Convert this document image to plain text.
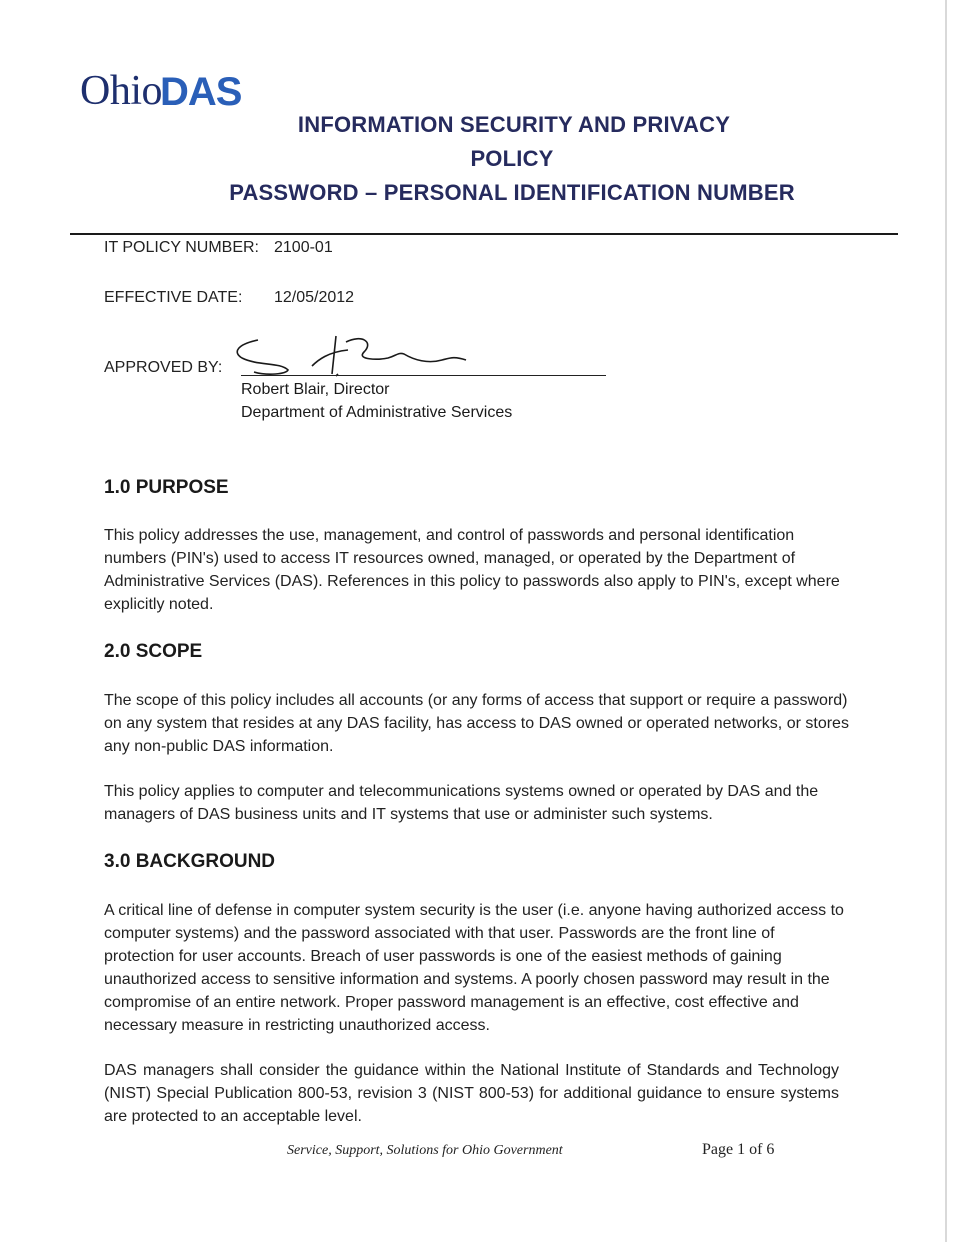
Ohio
DAS
INFORMATION SECURITY AND PRIVACY
POLICY
PASSWORD – PERSONAL IDENTIFICATION NUMBER
IT POLICY NUMBER: 2100-01
EFFECTIVE DATE: 12/05/2012
APPROVED BY:
Robert Blair, Director
Department of Administrative Services
1.0 PURPOSE
This policy addresses the use, management, and control of passwords and personal identification numbers (PIN's) used to access IT resources owned, managed, or operated by the Department of Administrative Services (DAS). References in this policy to passwords also apply to PIN's, except where explicitly noted.
2.0 SCOPE
The scope of this policy includes all accounts (or any forms of access that support or require a password) on any system that resides at any DAS facility, has access to DAS owned or operated networks, or stores any non-public DAS information.
This policy applies to computer and telecommunications systems owned or operated by DAS and the managers of DAS business units and IT systems that use or administer such systems.
3.0 BACKGROUND
A critical line of defense in computer system security is the user (i.e. anyone having authorized access to computer systems) and the password associated with that user. Passwords are the front line of protection for user accounts. Breach of user passwords is one of the easiest methods of gaining unauthorized access to sensitive information and systems. A poorly chosen password may result in the compromise of an entire network. Proper password management is an effective, cost effective and necessary measure in restricting unauthorized access.
DAS managers shall consider the guidance within the National Institute of Standards and Technology (NIST) Special Publication 800-53, revision 3 (NIST 800-53) for additional guidance to ensure systems are protected to an acceptable level.
Service, Support, Solutions for Ohio Government	Page 1 of 6
